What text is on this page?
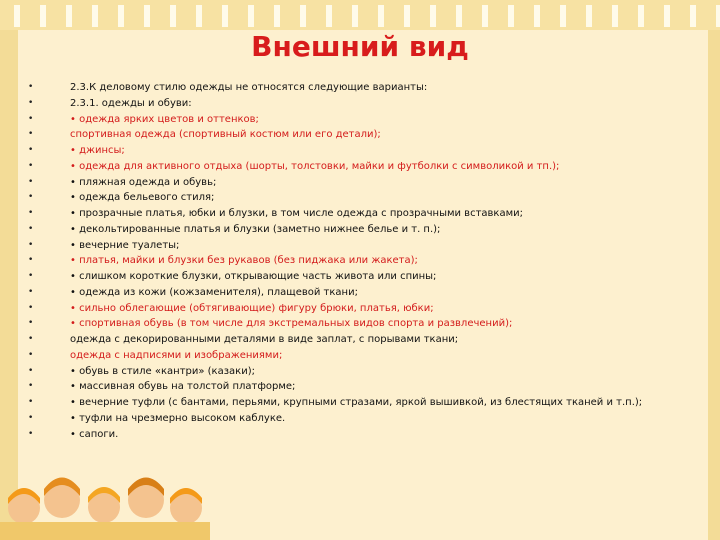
Внешний вид
• 2.3.К деловому стилю одежды не относятся следующие варианты:
• 2.3.1. одежды и обуви:
• • одежда ярких цветов и оттенков;
• спортивная одежда (спортивный костюм или его детали);
• • джинсы;
• • одежда для активного отдыха (шорты, толстовки, майки и футболки с символикой и тп.);
• • пляжная одежда и обувь;
• • одежда бельевого стиля;
• • прозрачные платья, юбки и блузки, в том числе одежда с прозрачными вставками;
• • декольтированные платья и блузки (заметно нижнее белье и т. п.);
• • вечерние туалеты;
• • платья, майки и блузки без рукавов (без пиджака или жакета);
• • слишком короткие блузки, открывающие часть живота или спины;
• • одежда из кожи (кожзаменителя), плащевой ткани;
• • сильно облегающие (обтягивающие) фигуру брюки, платья, юбки;
• • спортивная обувь (в том числе для экстремальных видов спорта и развлечений);
• одежда с декорированными деталями в виде заплат, с порывами ткани;
• одежда с надписями и изображениями;
• • обувь в стиле «кантри» (казаки);
• • массивная обувь на толстой платформе;
• • вечерние туфли (с бантами, перьями, крупными стразами, яркой вышивкой, из блестящих тканей и т.п.);
• • туфли на чрезмерно высоком каблуке.
• • сапоги.
